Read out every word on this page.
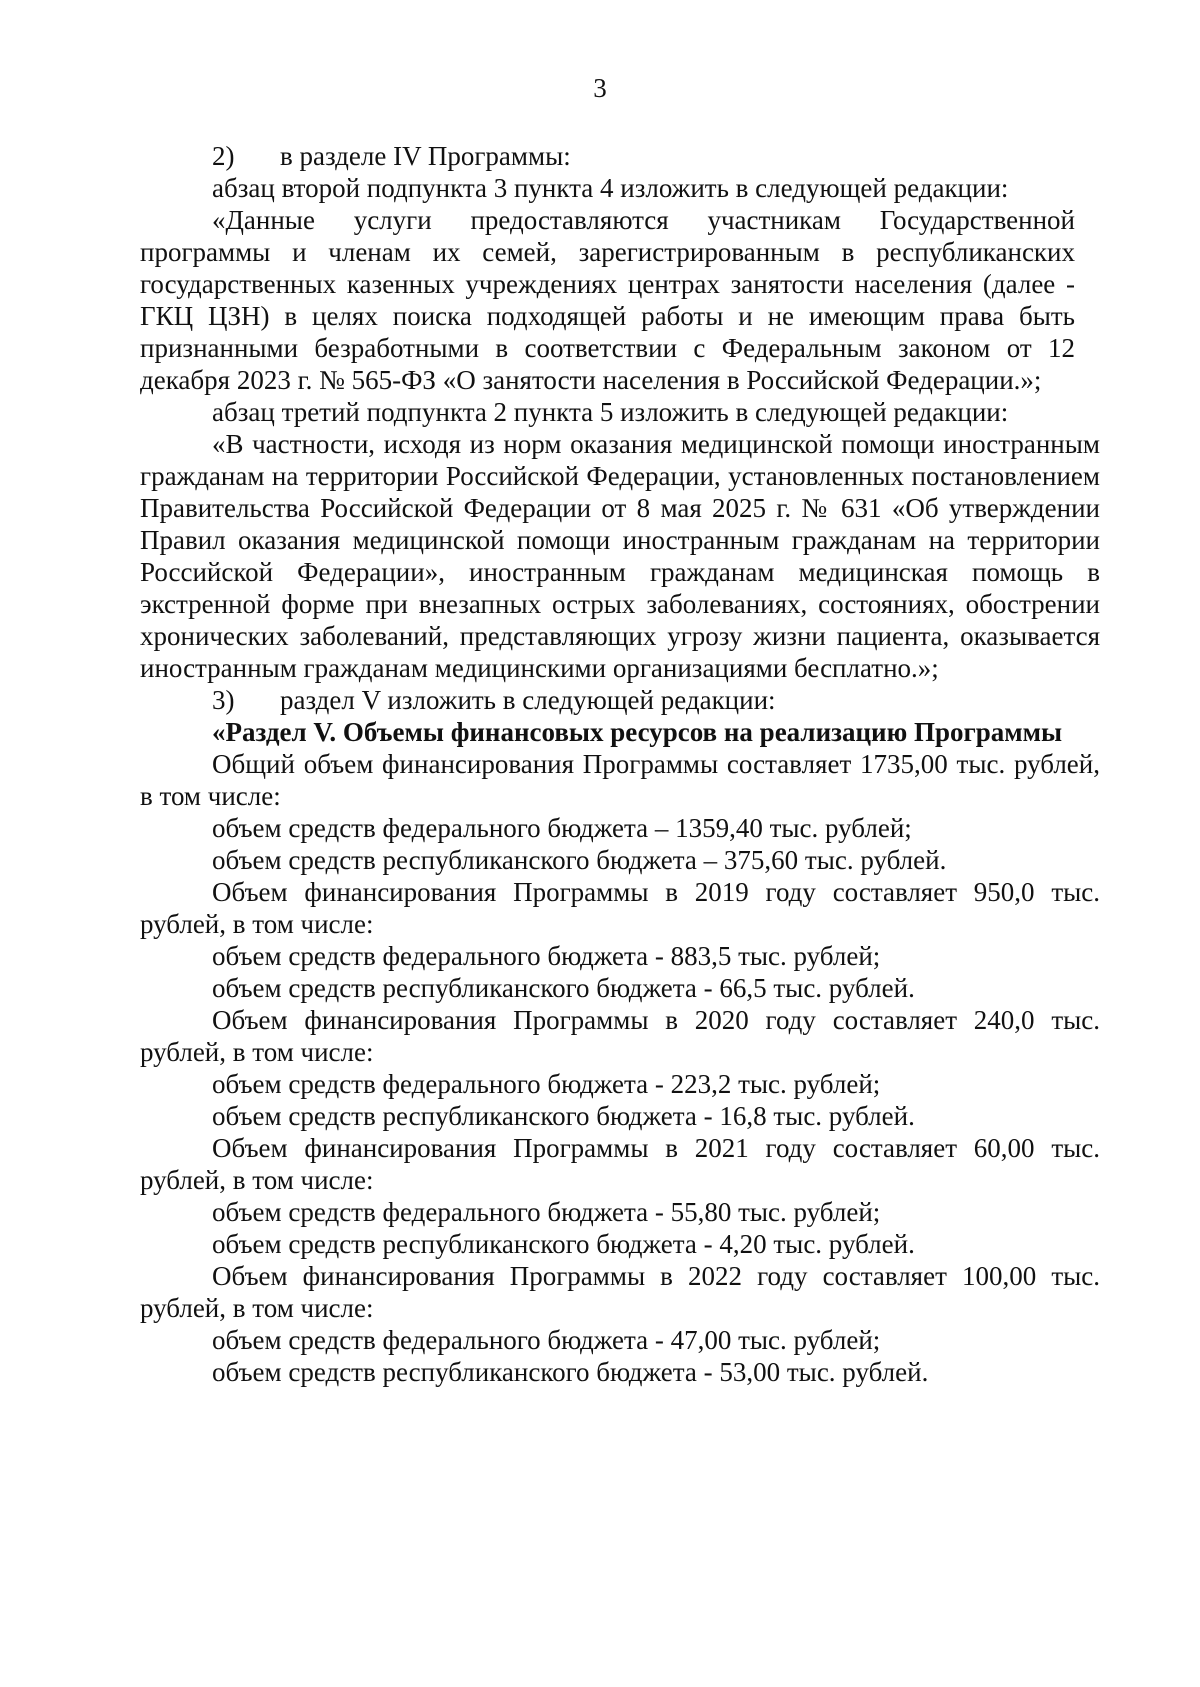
3

2) в разделе IV Программы:

абзац второй подпункта 3 пункта 4 изложить в следующей редакции:

«Данные услуги предоставляются участникам Государственной программы и членам их семей, зарегистрированным в республиканских государственных казенных учреждениях центрах занятости населения (далее - ГКЦ ЦЗН) в целях поиска подходящей работы и не имеющим права быть признанными безработными в соответствии с Федеральным законом от 12 декабря 2023 г. № 565-ФЗ «О занятости населения в Российской Федерации.»;

абзац третий подпункта 2 пункта 5 изложить в следующей редакции:

«В частности, исходя из норм оказания медицинской помощи иностранным гражданам на территории Российской Федерации, установленных постановлением Правительства Российской Федерации от 8 мая 2025 г. № 631 «Об утверждении Правил оказания медицинской помощи иностранным гражданам на территории Российской Федерации», иностранным гражданам медицинская помощь в экстренной форме при внезапных острых заболеваниях, состояниях, обострении хронических заболеваний, представляющих угрозу жизни пациента, оказывается иностранным гражданам медицинскими организациями бесплатно.»;

3) раздел V изложить в следующей редакции:

«Раздел V. Объемы финансовых ресурсов на реализацию Программы

Общий объем финансирования Программы составляет 1735,00 тыс. рублей, в том числе:

объем средств федерального бюджета – 1359,40 тыс. рублей;

объем средств республиканского бюджета – 375,60 тыс. рублей.

Объем финансирования Программы в 2019 году составляет 950,0 тыс. рублей, в том числе:

объем средств федерального бюджета - 883,5 тыс. рублей;

объем средств республиканского бюджета - 66,5 тыс. рублей.

Объем финансирования Программы в 2020 году составляет 240,0 тыс. рублей, в том числе:

объем средств федерального бюджета - 223,2 тыс. рублей;

объем средств республиканского бюджета - 16,8 тыс. рублей.

Объем финансирования Программы в 2021 году составляет 60,00 тыс. рублей, в том числе:

объем средств федерального бюджета - 55,80 тыс. рублей;

объем средств республиканского бюджета - 4,20 тыс. рублей.

Объем финансирования Программы в 2022 году составляет 100,00 тыс. рублей, в том числе:

объем средств федерального бюджета - 47,00 тыс. рублей;

объем средств республиканского бюджета - 53,00 тыс. рублей.
